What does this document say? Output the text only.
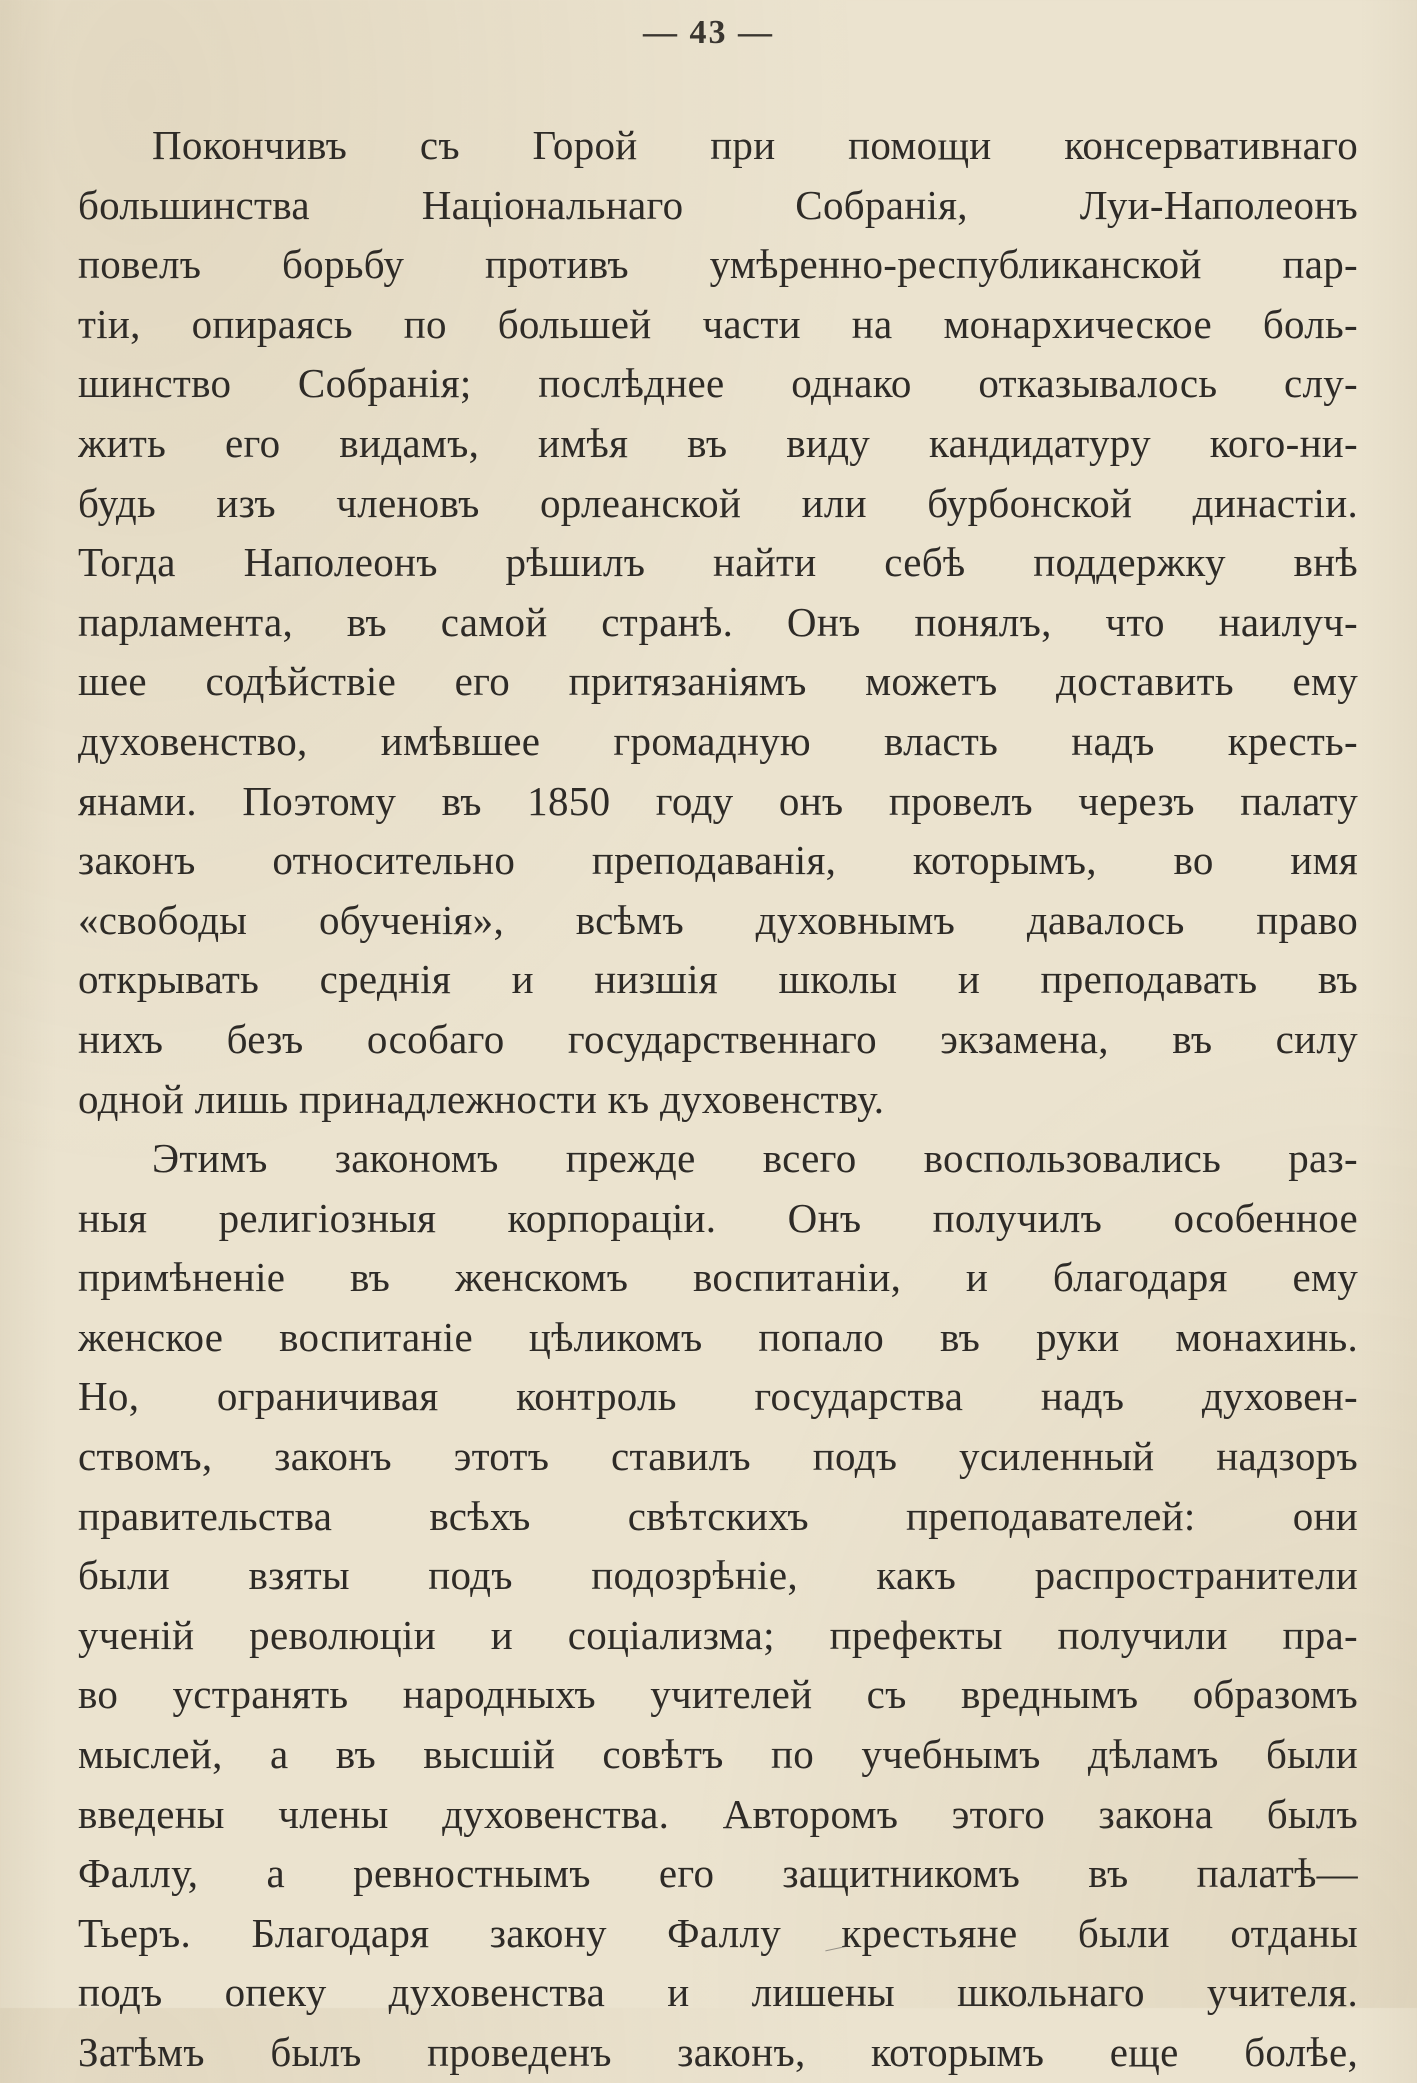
— 43 —
Покончивъ съ Горой при помощи консервативнаго
большинства Національнаго Собранія, Луи-Наполеонъ
повелъ борьбу противъ умѣренно-республиканской пар-
тіи, опираясь по большей части на монархическое боль-
шинство Собранія; послѣднее однако отказывалось слу-
жить его видамъ, имѣя въ виду кандидатуру кого-ни-
будь изъ членовъ орлеанской или бурбонской династіи.
Тогда Наполеонъ рѣшилъ найти себѣ поддержку внѣ
парламента, въ самой странѣ. Онъ понялъ, что наилуч-
шее содѣйствіе его притязаніямъ можетъ доставить ему
духовенство, имѣвшее громадную власть надъ кресть-
янами. Поэтому въ 1850 году онъ провелъ черезъ палату
законъ относительно преподаванія, которымъ, во имя
«свободы обученія», всѣмъ духовнымъ давалось право
открывать среднія и низшія школы и преподавать въ
нихъ безъ особаго государственнаго экзамена, въ силу
одной лишь принадлежности къ духовенству.
Этимъ закономъ прежде всего воспользовались раз-
ныя религіозныя корпораціи. Онъ получилъ особенное
примѣненіе въ женскомъ воспитаніи, и благодаря ему
женское воспитаніе цѣликомъ попало въ руки монахинь.
Но, ограничивая контроль государства надъ духовен-
ствомъ, законъ этотъ ставилъ подъ усиленный надзоръ
правительства всѣхъ свѣтскихъ преподавателей: они
были взяты подъ подозрѣніе, какъ распространители
ученій революціи и соціализма; префекты получили пра-
во устранять народныхъ учителей съ вреднымъ образомъ
мыслей, а въ высшій совѣтъ по учебнымъ дѣламъ были
введены члены духовенства. Авторомъ этого закона былъ
Фаллу, а ревностнымъ его защитникомъ въ палатѣ—
Тьеръ. Благодаря закону Фаллу крестьяне были отданы
подъ опеку духовенства и лишены школьнаго учителя.
Затѣмъ былъ проведенъ законъ, которымъ еще болѣе,
